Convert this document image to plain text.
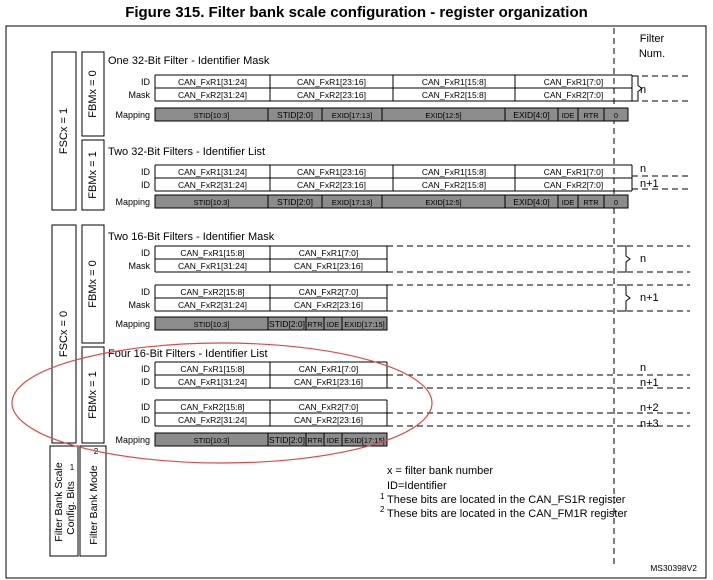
Figure 315. Filter bank scale configuration - register organization
Filter
Num.
FSCx = 1
FSCx = 0
FBMx = 0
FBMx = 1
FBMx = 0
FBMx = 1
Filter Bank Scale Config. Bits
1 Filter Bank Mode
2
One 32-Bit Filter - Identifier Mask
ID	CAN_FxR1[31:24]	CAN_FxR1[23:16]	CAN_FxR1[15:8]	CAN_FxR1[7:0]
Mask	CAN_FxR2[31:24]	CAN_FxR2[23:16]	CAN_FxR2[15:8]	CAN_FxR2[7:0]
Mapping	STID[10:3]	STID[2:0]	EXID[17:13]	EXID[12:5]	EXID[4:0] IDE RTR 0
n
Two 32-Bit Filters - Identifier List
ID	CAN_FxR1[31:24]	CAN_FxR1[23:16]	CAN_FxR1[15:8]	CAN_FxR1[7:0]
ID	CAN_FxR2[31:24]	CAN_FxR2[23:16]	CAN_FxR2[15:8]	CAN_FxR2[7:0]
Mapping	STID[10:3]	STID[2:0]	EXID[17:13]	EXID[12:5]	EXID[4:0] IDE RTR 0
n
n+1
Two 16-Bit Filters - Identifier Mask
ID	CAN_FxR1[15:8]	CAN_FxR1[7:0]
Mask	CAN_FxR1[31:24]	CAN_FxR1[23:16]
ID	CAN_FxR2[15:8]	CAN_FxR2[7:0]
Mask	CAN_FxR2[31:24]	CAN_FxR2[23:16]
Mapping	STID[10:3]	STID[2:0] RTR IDE EXID[17:15]
n
n+1
Four 16-Bit Filters - Identifier List
ID	CAN_FxR1[15:8]	CAN_FxR1[7:0]
ID	CAN_FxR1[31:24]	CAN_FxR1[23:16]
ID	CAN_FxR2[15:8]	CAN_FxR2[7:0]
ID	CAN_FxR2[31:24]	CAN_FxR2[23:16]
Mapping	STID[10:3]	STID[2:0] RTR IDE EXID[17:15]
n
n+1
n+2
n+3
x = filter bank number
ID=Identifier
1 These bits are located in the CAN_FS1R register
2 These bits are located in the CAN_FM1R register
MS30398V2
